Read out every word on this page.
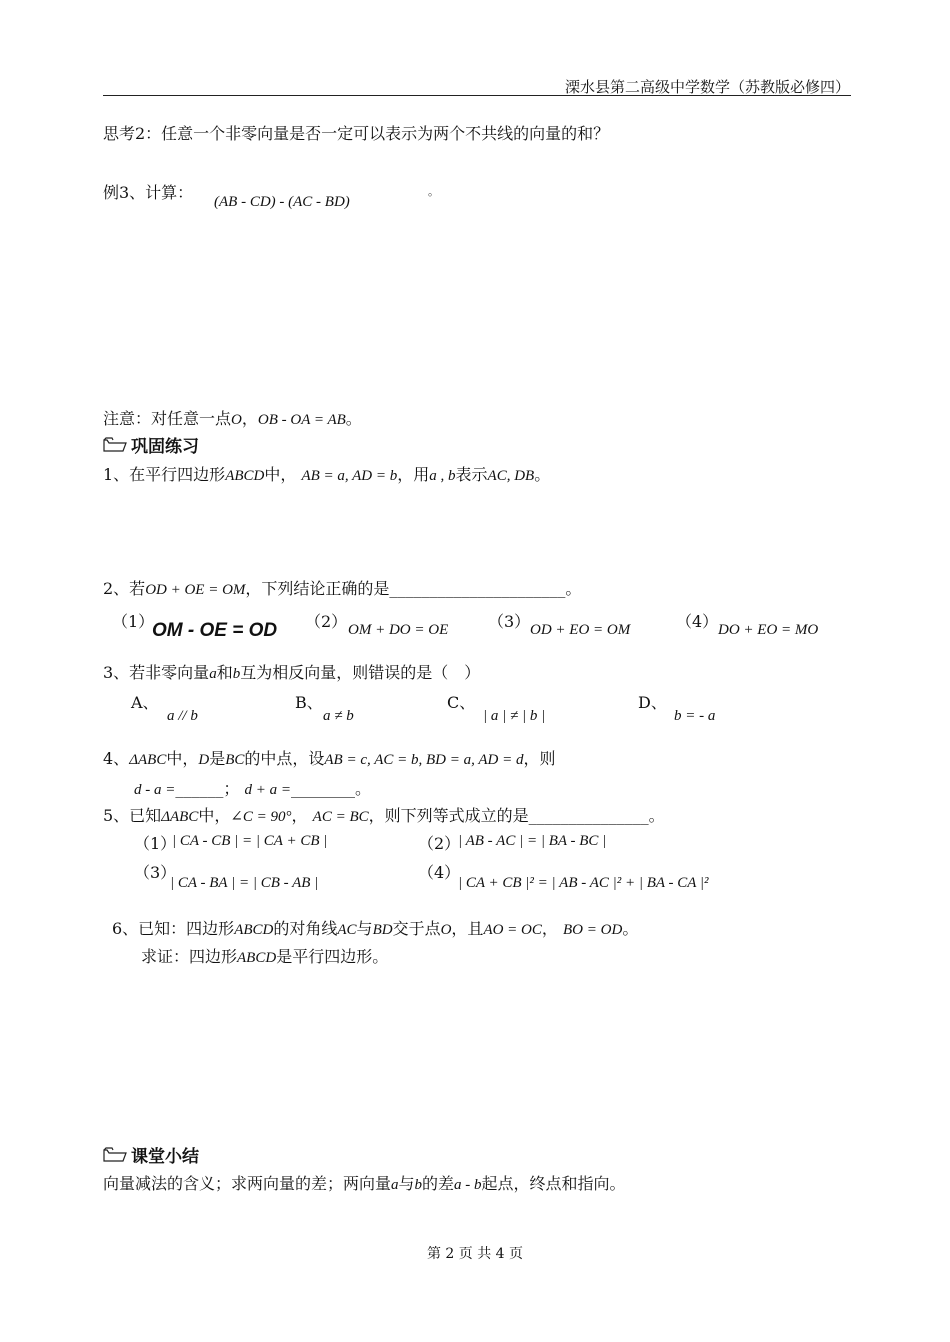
溧水县第二高级中学数学（苏教版必修四）
思考2：任意一个非零向量是否一定可以表示为两个不共线的向量的和？
例3、计算： (AB - CD) - (AC - BD)
。
注意：对任意一点O，OB - OA = AB。
巩固练习
1、在平行四边形ABCD中， AB = a, AD = b，用a , b表示AC, DB。
2、若OD + OE = OM，下列结论正确的是______________________。
（1）
OM - OE = OD （2） OM + DO = OE （3） OD + EO = OM	（4） DO + EO = MO
3、若非零向量a和b互为相反向量，则错误的是（　）
A、
a // b
B、
a ≠ b
C、
| a | ≠ | b |
D、
b = - a
4、ΔABC中，D是BC的中点，设AB = c, AC = b, BD = a, AD = d，则
d - a =______； d + a =________。
5、已知ΔABC中，∠C = 90°， AC = BC，则下列等式成立的是_______________。
（1）
| CA - CB | = | CA + CB |	（2）
| AB - AC | = | BA - BC |
（3）
| CA - BA | = | CB - AB |
（4）
| CA + CB |² = | AB - AC |² + | BA - CA |²
6、已知：四边形ABCD的对角线AC与BD交于点O，且AO = OC， BO = OD。
求证：四边形ABCD是平行四边形。
课堂小结
向量减法的含义；求两向量的差；两向量a与b的差a - b起点，终点和指向。
第 2 页 共 4 页
